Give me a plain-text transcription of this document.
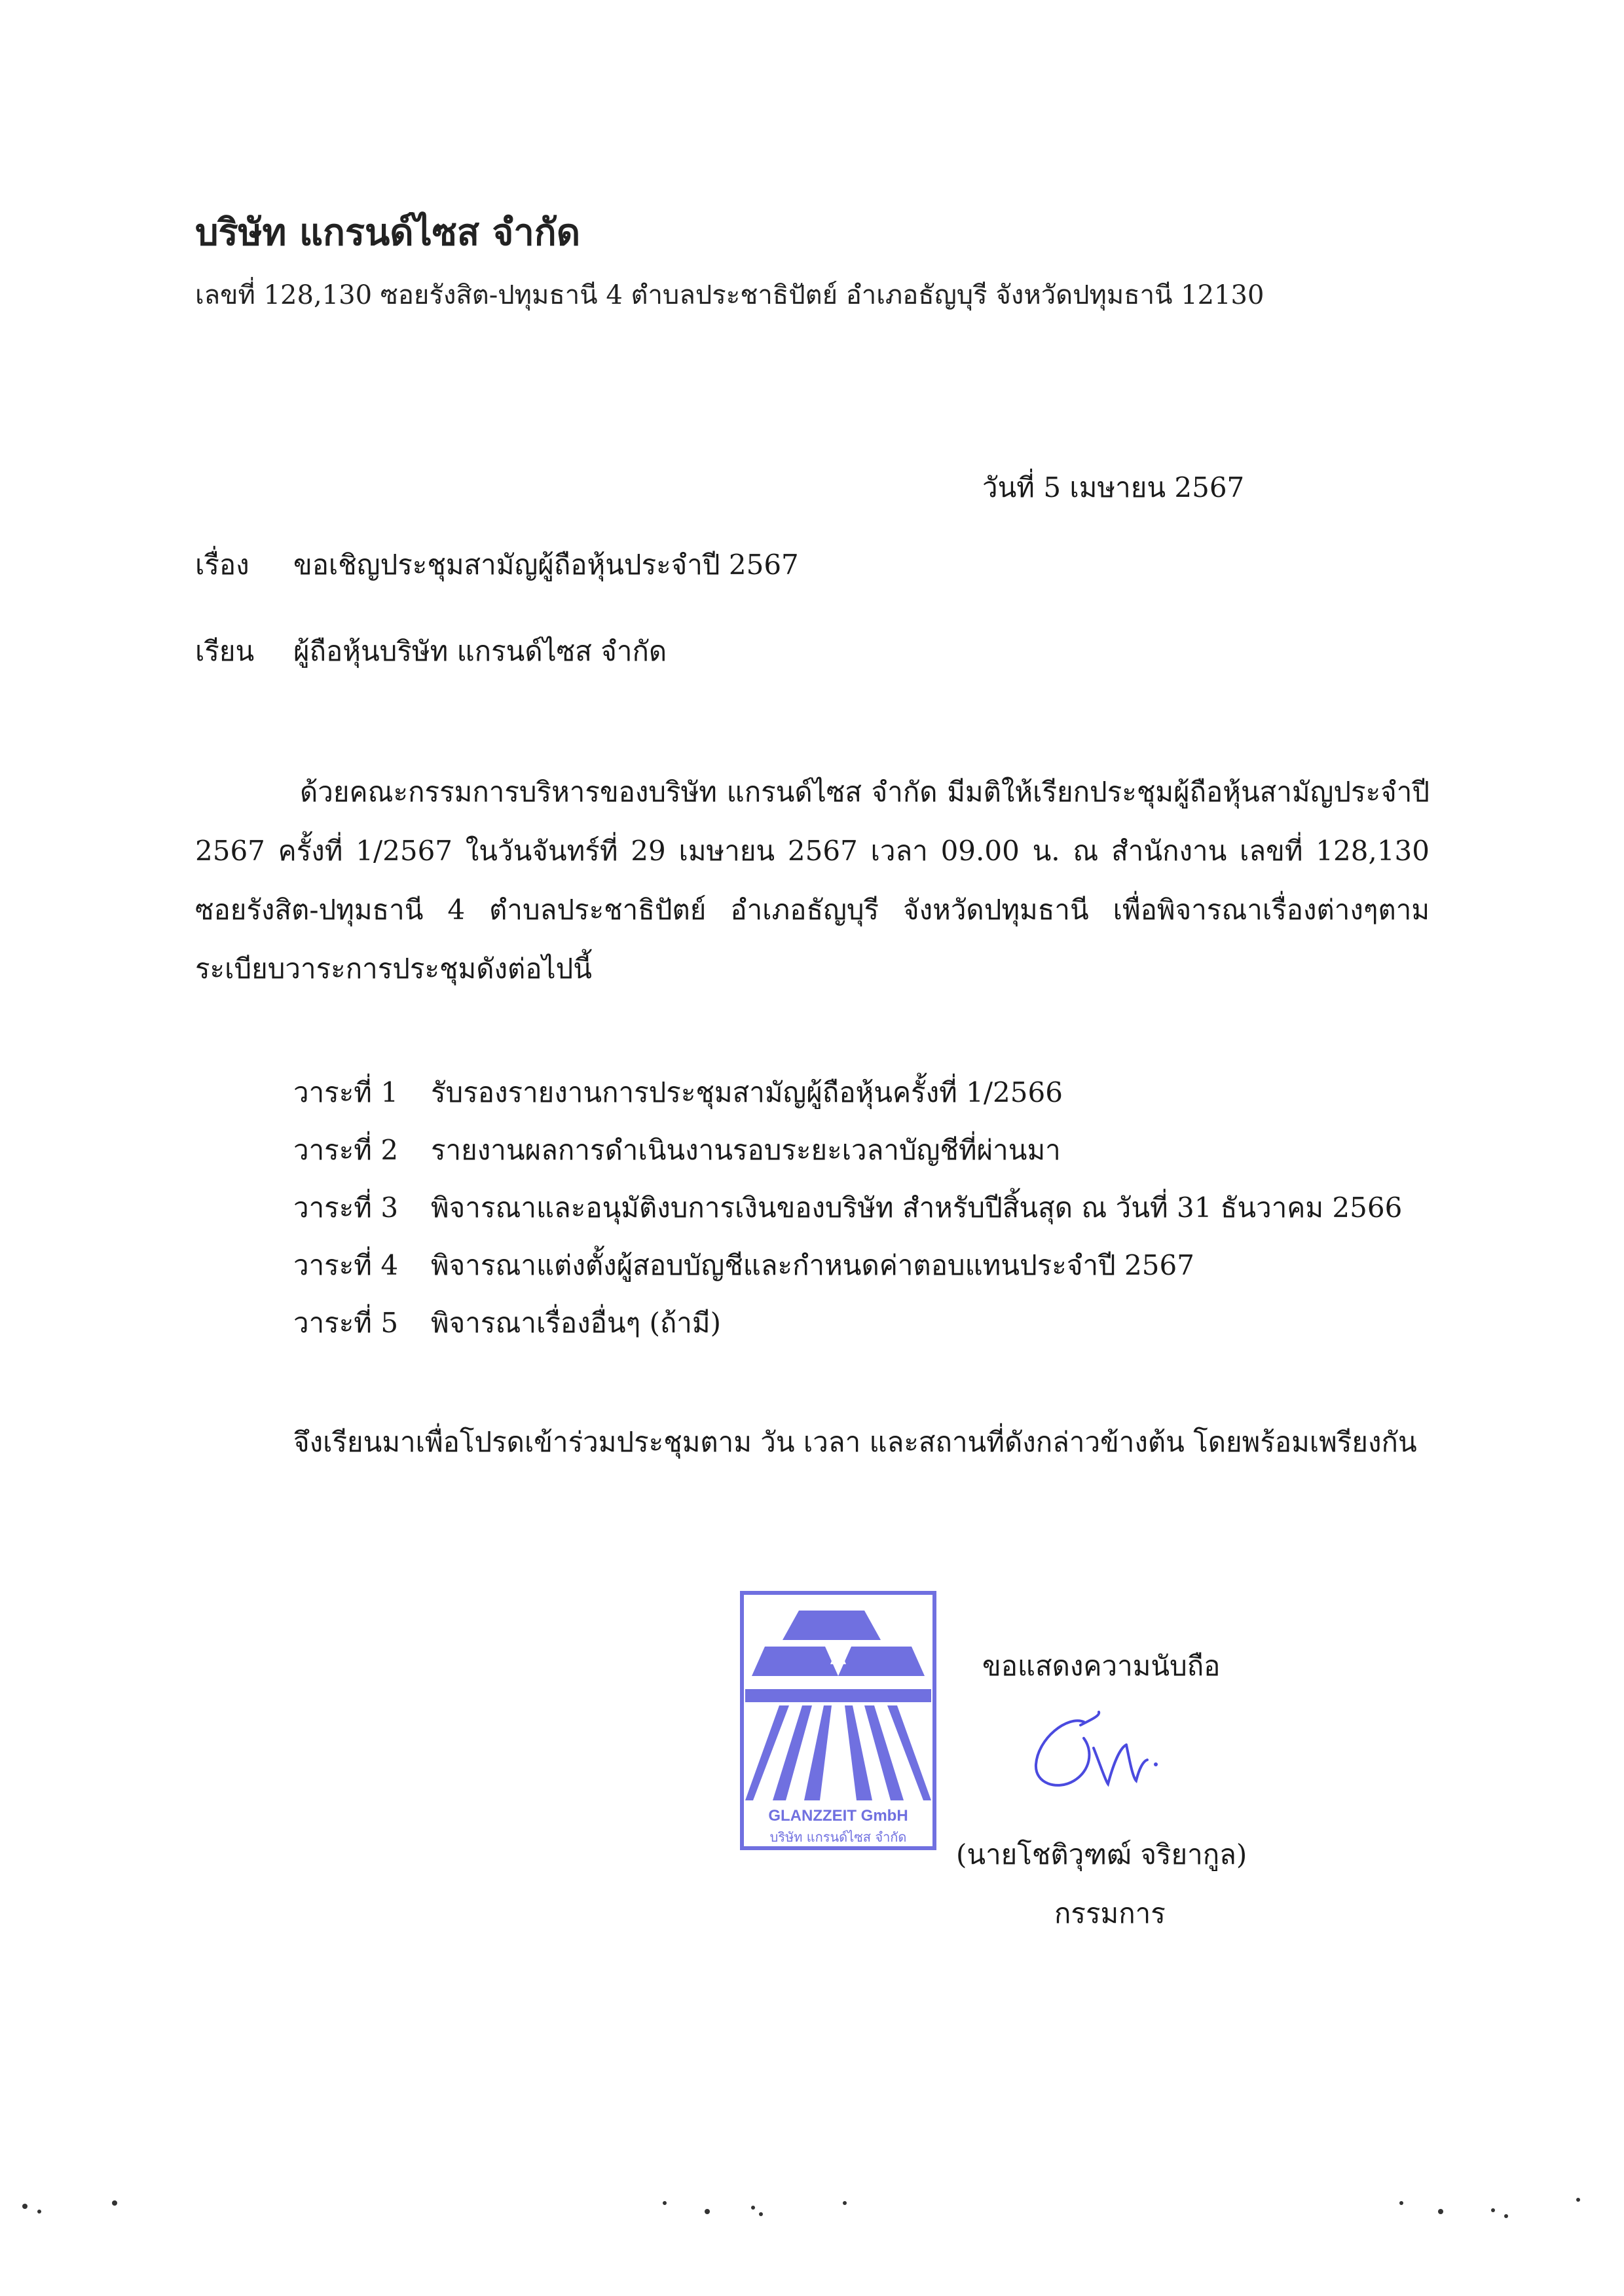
บริษัท แกรนด์ไซส จำกัด
เลขที่ 128,130 ซอยรังสิต-ปทุมธานี 4 ตำบลประชาธิปัตย์ อำเภอธัญบุรี จังหวัดปทุมธานี 12130
วันที่ 5 เมษายน 2567
เรื่อง ขอเชิญประชุมสามัญผู้ถือหุ้นประจำปี 2567
เรียน ผู้ถือหุ้นบริษัท แกรนด์ไซส จำกัด
ด้วยคณะกรรมการบริหารของบริษัท แกรนด์ไซส จำกัด มีมติให้เรียกประชุมผู้ถือหุ้นสามัญประจำปี 2567 ครั้งที่ 1/2567 ในวันจันทร์ที่ 29 เมษายน 2567 เวลา 09.00 น. ณ สำนักงาน เลขที่ 128,130 ซอยรังสิต-ปทุมธานี 4 ตำบลประชาธิปัตย์ อำเภอธัญบุรี จังหวัดปทุมธานี เพื่อพิจารณาเรื่องต่างๆตามระเบียบวาระการประชุมดังต่อไปนี้
วาระที่ 1 รับรองรายงานการประชุมสามัญผู้ถือหุ้นครั้งที่ 1/2566
วาระที่ 2 รายงานผลการดำเนินงานรอบระยะเวลาบัญชีที่ผ่านมา
วาระที่ 3 พิจารณาและอนุมัติงบการเงินของบริษัท สำหรับปีสิ้นสุด ณ วันที่ 31 ธันวาคม 2566
วาระที่ 4 พิจารณาแต่งตั้งผู้สอบบัญชีและกำหนดค่าตอบแทนประจำปี 2567
วาระที่ 5 พิจารณาเรื่องอื่นๆ (ถ้ามี)
จึงเรียนมาเพื่อโปรดเข้าร่วมประชุมตาม วัน เวลา และสถานที่ดังกล่าวข้างต้น โดยพร้อมเพรียงกัน
GLANZZEIT GmbH
บริษัท แกรนด์ไซส จำกัด
ขอแสดงความนับถือ
(นายโชติวุฑฒ์ จริยากูล)
กรรมการ
